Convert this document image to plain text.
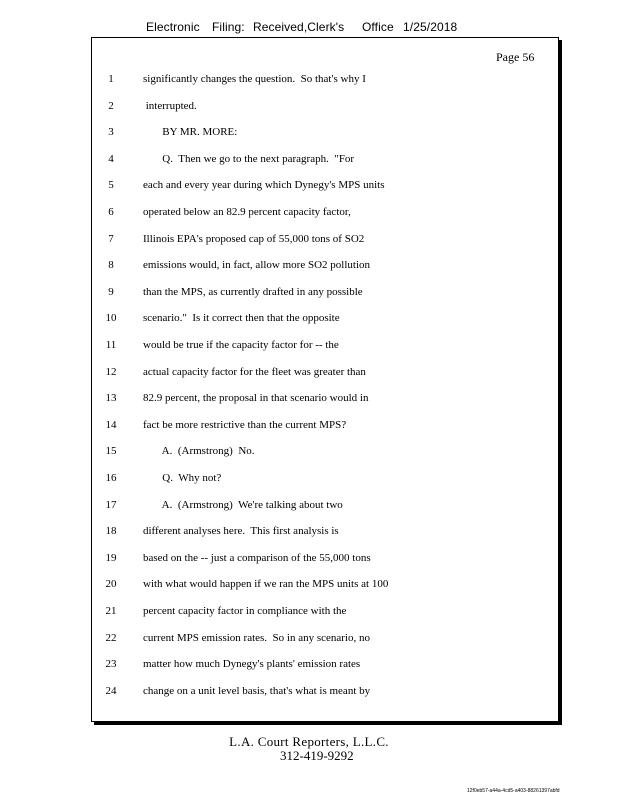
Electronic Filing: Received,Clerk's Office 1/25/2018
Page 56
1	significantly changes the question.  So that's why I
2	interrupted.
3	BY MR. MORE:
4	Q.  Then we go to the next paragraph.  "For
5	each and every year during which Dynegy's MPS units
6	operated below an 82.9 percent capacity factor,
7	Illinois EPA's proposed cap of 55,000 tons of SO2
8	emissions would, in fact, allow more SO2 pollution
9	than the MPS, as currently drafted in any possible
10 scenario."  Is it correct then that the opposite
11 would be true if the capacity factor for -- the
12 actual capacity factor for the fleet was greater than
13 82.9 percent, the proposal in that scenario would in
14 fact be more restrictive than the current MPS?
15 A.  (Armstrong)  No.
16 Q.  Why not?
17 A.  (Armstrong)  We're talking about two
18 different analyses here.  This first analysis is
19 based on the -- just a comparison of the 55,000 tons
20 with what would happen if we ran the MPS units at 100
21 percent capacity factor in compliance with the
22 current MPS emission rates.  So in any scenario, no
23 matter how much Dynegy's plants' emission rates
24 change on a unit level basis, that's what is meant by
L.A. Court Reporters, L.L.C.
312-419-9292
12f0eb57-a44a-4cd5-a403-88261397abfd
